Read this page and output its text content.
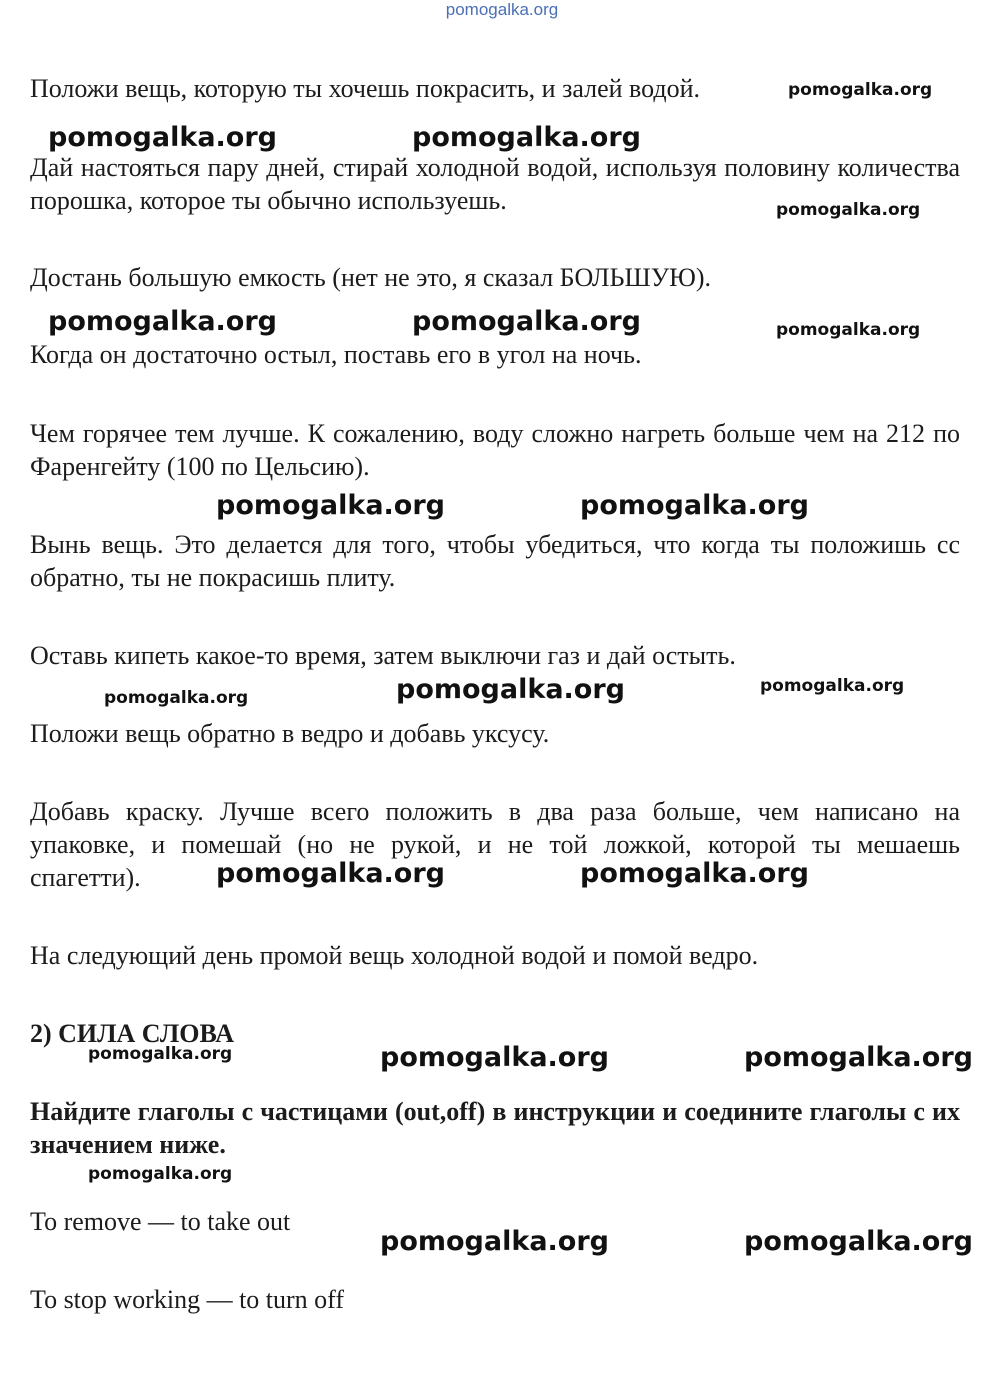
pomogalka.org

Положи вещь, которую ты хочешь покрасить, и залей водой.	pomogalka.org
pomogalka.org	pomogalka.org

Дай настояться пару дней, стирай холодной водой, используя половину количества порошка, которое ты обычно используешь.	pomogalka.org

Достань большую емкость (нет не это, я сказал БОЛЬШУЮ).

pomogalka.org	pomogalka.org	pomogalka.org

Когда он достаточно остыл, поставь его в угол на ночь.

Чем горячее тем лучше. К сожалению, воду сложно нагреть больше чем на 212 по Фаренгейту (100 по Цельсию).

pomogalka.org	pomogalka.org

Вынь вещь. Это делается для того, чтобы убедиться, что когда ты положишь сс обратно, ты не покрасишь плиту.

Оставь кипеть какое-то время, затем выключи газ и дай остыть.

pomogalka.org	pomogalka.org	pomogalka.org

Положи вещь обратно в ведро и добавь уксусу.

Добавь краску. Лучше всего положить в два раза больше, чем написано на упаковке, и помешай (но не рукой, и не той ложкой, которой ты мешаешь спагетти).	pomogalka.org	pomogalka.org

На следующий день промой вещь холодной водой и помой ведро.

2) СИЛА СЛОВА
pomogalka.org	pomogalka.org	pomogalka.org

Найдите глаголы с частицами (out,off) в инструкции и соедините глаголы с их значением ниже.

pomogalka.org

To remove — to take out

pomogalka.org	pomogalka.org

To stop working — to turn off
